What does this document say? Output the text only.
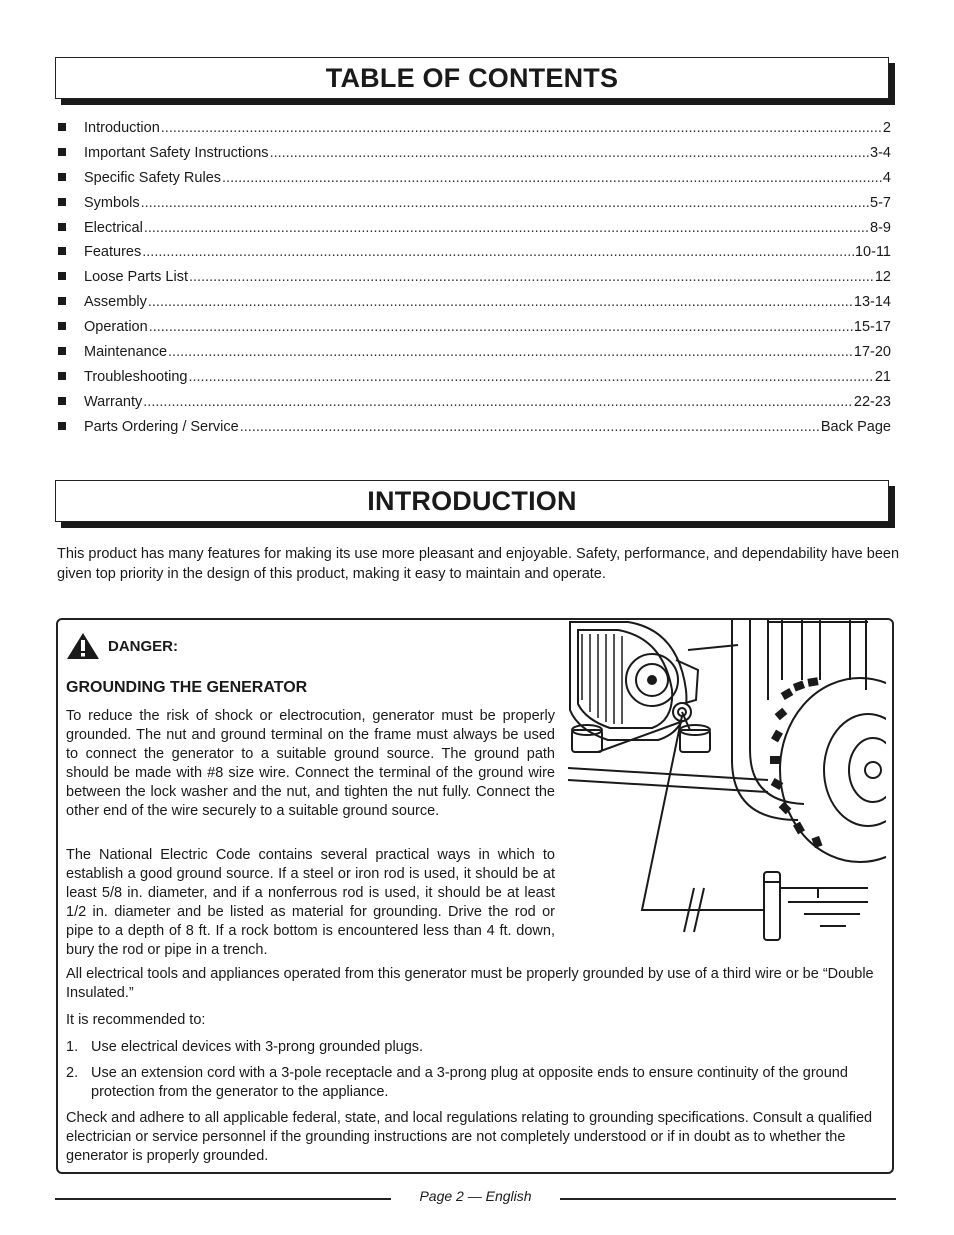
TABLE OF CONTENTS
Introduction .....	2
Important Safety Instructions .....	3-4
Specific Safety Rules .....	4
Symbols .....	5-7
Electrical .....	8-9
Features .....	10-11
Loose Parts List .....	12
Assembly .....	13-14
Operation .....	15-17
Maintenance .....	17-20
Troubleshooting .....	21
Warranty .....	22-23
Parts Ordering / Service .....	Back Page
INTRODUCTION

This product has many features for making its use more pleasant and enjoyable. Safety, performance, and dependability have been given top priority in the design of this product, making it easy to maintain and operate.

DANGER:
GROUNDING THE GENERATOR

To reduce the risk of shock or electrocution, generator must be properly grounded. The nut and ground terminal on the frame must always be used to connect the generator to a suitable ground source. The ground path should be made with #8 size wire. Connect the terminal of the ground wire between the lock washer and the nut, and tighten the nut fully. Connect the other end of the wire securely to a suitable ground source.

The National Electric Code contains several practical ways in which to establish a good ground source. If a steel or iron rod is used, it should be at least 5/8 in. diameter, and if a nonferrous rod is used, it should be at least 1/2 in. diameter and be listed as material for grounding. Drive the rod or pipe to a depth of 8 ft. If a rock bottom is encountered less than 4 ft. down, bury the rod or pipe in a trench.

All electrical tools and appliances operated from this generator must be properly grounded by use of a third wire or be “Double Insulated.”

It is recommended to:

1. Use electrical devices with 3-prong grounded plugs.
2. Use an extension cord with a 3-pole receptacle and a 3-prong plug at opposite ends to ensure continuity of the ground protection from the generator to the appliance.

Check and adhere to all applicable federal, state, and local regulations relating to grounding specifications. Consult a qualified electrician or service personnel if the grounding instructions are not completely understood or if in doubt as to whether the generator is properly grounded.

Page 2 — English
